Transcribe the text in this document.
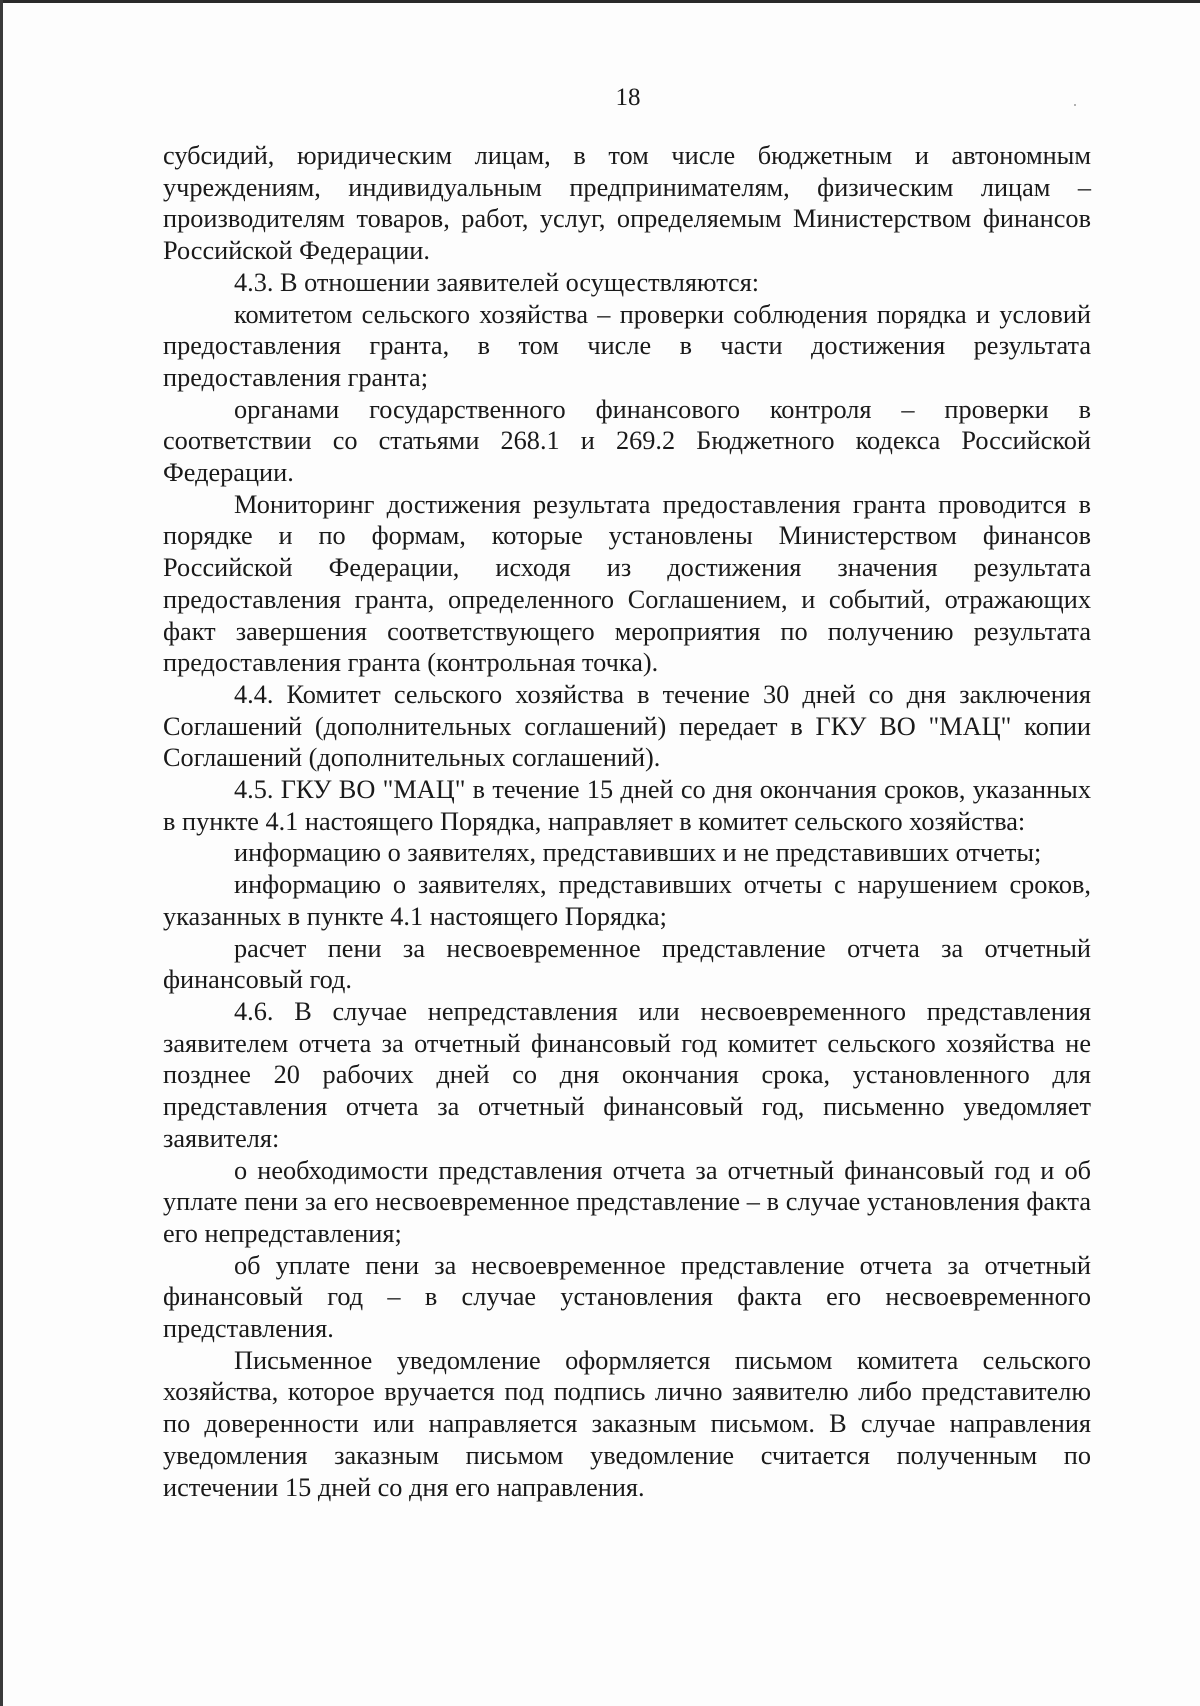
18

субсидий, юридическим лицам, в том числе бюджетным и автономным учреждениям, индивидуальным предпринимателям, физическим лицам – производителям товаров, работ, услуг, определяемым Министерством финансов Российской Федерации.

4.3. В отношении заявителей осуществляются:

комитетом сельского хозяйства – проверки соблюдения порядка и условий предоставления гранта, в том числе в части достижения результата предоставления гранта;

органами государственного финансового контроля – проверки в соответствии со статьями 268.1 и 269.2 Бюджетного кодекса Российской Федерации.

Мониторинг достижения результата предоставления гранта проводится в порядке и по формам, которые установлены Министерством финансов Российской Федерации, исходя из достижения значения результата предоставления гранта, определенного Соглашением, и событий, отражающих факт завершения соответствующего мероприятия по получению результата предоставления гранта (контрольная точка).

4.4. Комитет сельского хозяйства в течение 30 дней со дня заключения Соглашений (дополнительных соглашений) передает в ГКУ ВО "МАЦ" копии Соглашений (дополнительных соглашений).

4.5. ГКУ ВО "МАЦ" в течение 15 дней со дня окончания сроков, указанных в пункте 4.1 настоящего Порядка, направляет в комитет сельского хозяйства:

информацию о заявителях, представивших и не представивших отчеты;

информацию о заявителях, представивших отчеты с нарушением сроков, указанных в пункте 4.1 настоящего Порядка;

расчет пени за несвоевременное представление отчета за отчетный финансовый год.

4.6. В случае непредставления или несвоевременного представления заявителем отчета за отчетный финансовый год комитет сельского хозяйства не позднее 20 рабочих дней со дня окончания срока, установленного для представления отчета за отчетный финансовый год, письменно уведомляет заявителя:

о необходимости представления отчета за отчетный финансовый год и об уплате пени за его несвоевременное представление – в случае установления факта его непредставления;

об уплате пени за несвоевременное представление отчета за отчетный финансовый год – в случае установления факта его несвоевременного представления.

Письменное уведомление оформляется письмом комитета сельского хозяйства, которое вручается под подпись лично заявителю либо представителю по доверенности или направляется заказным письмом. В случае направления уведомления заказным письмом уведомление считается полученным по истечении 15 дней со дня его направления.
